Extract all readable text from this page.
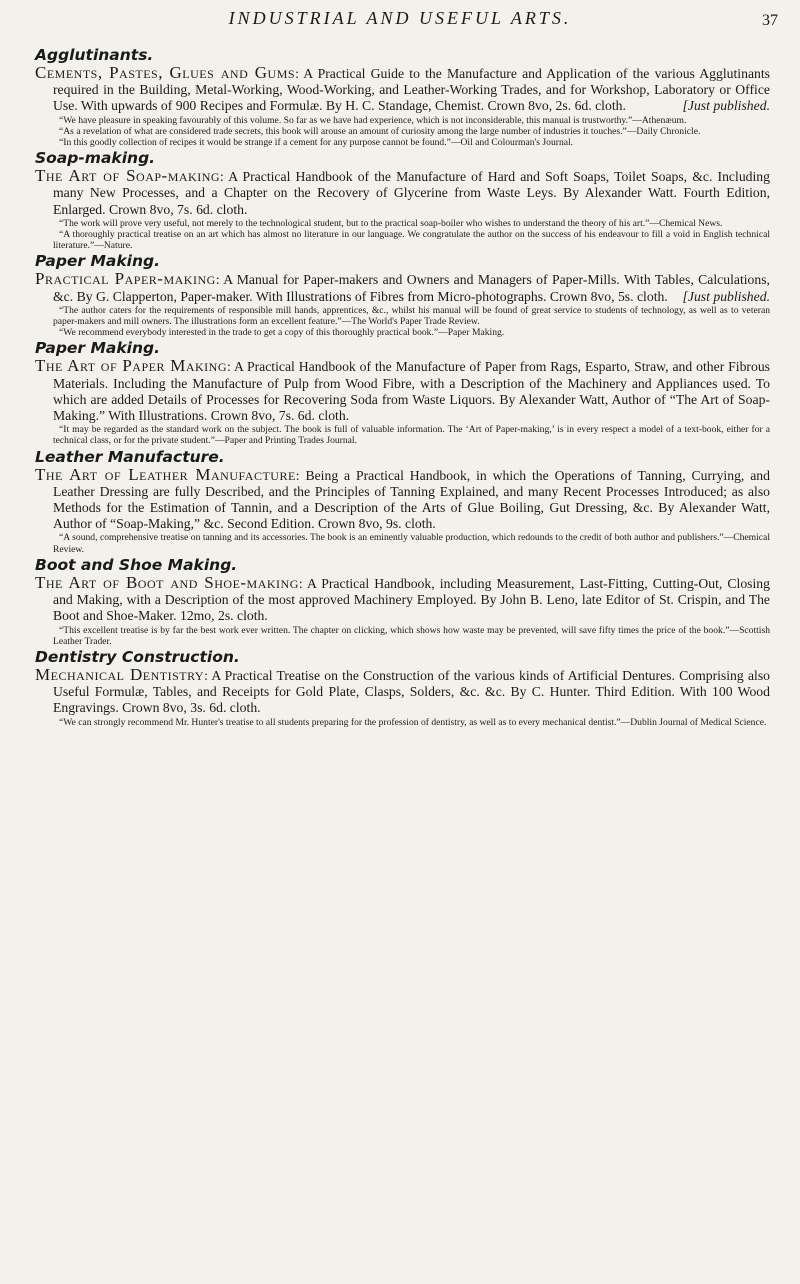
INDUSTRIAL AND USEFUL ARTS.	37
Agglutinants.

Cements, Pastes, Glues and Gums: A Practical Guide to the Manufacture and Application of the various Agglutinants required in the Building, Metal-Working, Wood-Working, and Leather-Working Trades, and for Workshop, Laboratory or Office Use. With upwards of 900 Recipes and Formulæ. By H. C. Standage, Chemist. Crown 8vo, 2s. 6d. cloth.	[Just published.

“We have pleasure in speaking favourably of this volume. So far as we have had experience, which is not inconsiderable, this manual is trustworthy.”—Athenæum.

“As a revelation of what are considered trade secrets, this book will arouse an amount of curiosity among the large number of industries it touches.”—Daily Chronicle.

“In this goodly collection of recipes it would be strange if a cement for any purpose cannot be found.”—Oil and Colourman's Journal.

Soap-making.

The Art of Soap-making: A Practical Handbook of the Manufacture of Hard and Soft Soaps, Toilet Soaps, &c. Including many New Processes, and a Chapter on the Recovery of Glycerine from Waste Leys. By Alexander Watt. Fourth Edition, Enlarged. Crown 8vo, 7s. 6d. cloth.

“The work will prove very useful, not merely to the technological student, but to the practical soap-boiler who wishes to understand the theory of his art.”—Chemical News.

“A thoroughly practical treatise on an art which has almost no literature in our language. We congratulate the author on the success of his endeavour to fill a void in English technical literature.”—Nature.

Paper Making.

Practical Paper-making: A Manual for Paper-makers and Owners and Managers of Paper-Mills. With Tables, Calculations, &c. By G. Clapperton, Paper-maker. With Illustrations of Fibres from Micro-photographs. Crown 8vo, 5s. cloth. [Just published.

“The author caters for the requirements of responsible mill hands, apprentices, &c., whilst his manual will be found of great service to students of technology, as well as to veteran paper-makers and mill owners. The illustrations form an excellent feature.”—The World's Paper Trade Review.

“We recommend everybody interested in the trade to get a copy of this thoroughly practical book.”—Paper Making.

Paper Making.

The Art of Paper Making: A Practical Handbook of the Manufacture of Paper from Rags, Esparto, Straw, and other Fibrous Materials. Including the Manufacture of Pulp from Wood Fibre, with a Description of the Machinery and Appliances used. To which are added Details of Processes for Recovering Soda from Waste Liquors. By Alexander Watt, Author of “The Art of Soap-Making.” With Illustrations. Crown 8vo, 7s. 6d. cloth.

“It may be regarded as the standard work on the subject. The book is full of valuable information. The ‘Art of Paper-making,’ is in every respect a model of a text-book, either for a technical class, or for the private student.”—Paper and Printing Trades Journal.

Leather Manufacture.

The Art of Leather Manufacture: Being a Practical Handbook, in which the Operations of Tanning, Currying, and Leather Dressing are fully Described, and the Principles of Tanning Explained, and many Recent Processes Introduced; as also Methods for the Estimation of Tannin, and a Description of the Arts of Glue Boiling, Gut Dressing, &c. By Alexander Watt, Author of “Soap-Making,” &c. Second Edition. Crown 8vo, 9s. cloth.

“A sound, comprehensive treatise on tanning and its accessories. The book is an eminently valuable production, which redounds to the credit of both author and publishers.”—Chemical Review.

Boot and Shoe Making.

The Art of Boot and Shoe-making: A Practical Handbook, including Measurement, Last-Fitting, Cutting-Out, Closing and Making, with a Description of the most approved Machinery Employed. By John B. Leno, late Editor of St. Crispin, and The Boot and Shoe-Maker. 12mo, 2s. cloth.

“This excellent treatise is by far the best work ever written. The chapter on clicking, which shows how waste may be prevented, will save fifty times the price of the book.”—Scottish Leather Trader.

Dentistry Construction.

Mechanical Dentistry: A Practical Treatise on the Construction of the various kinds of Artificial Dentures. Comprising also Useful Formulæ, Tables, and Receipts for Gold Plate, Clasps, Solders, &c. &c. By C. Hunter. Third Edition. With 100 Wood Engravings. Crown 8vo, 3s. 6d. cloth.

“We can strongly recommend Mr. Hunter's treatise to all students preparing for the profession of dentistry, as well as to every mechanical dentist.”—Dublin Journal of Medical Science.
